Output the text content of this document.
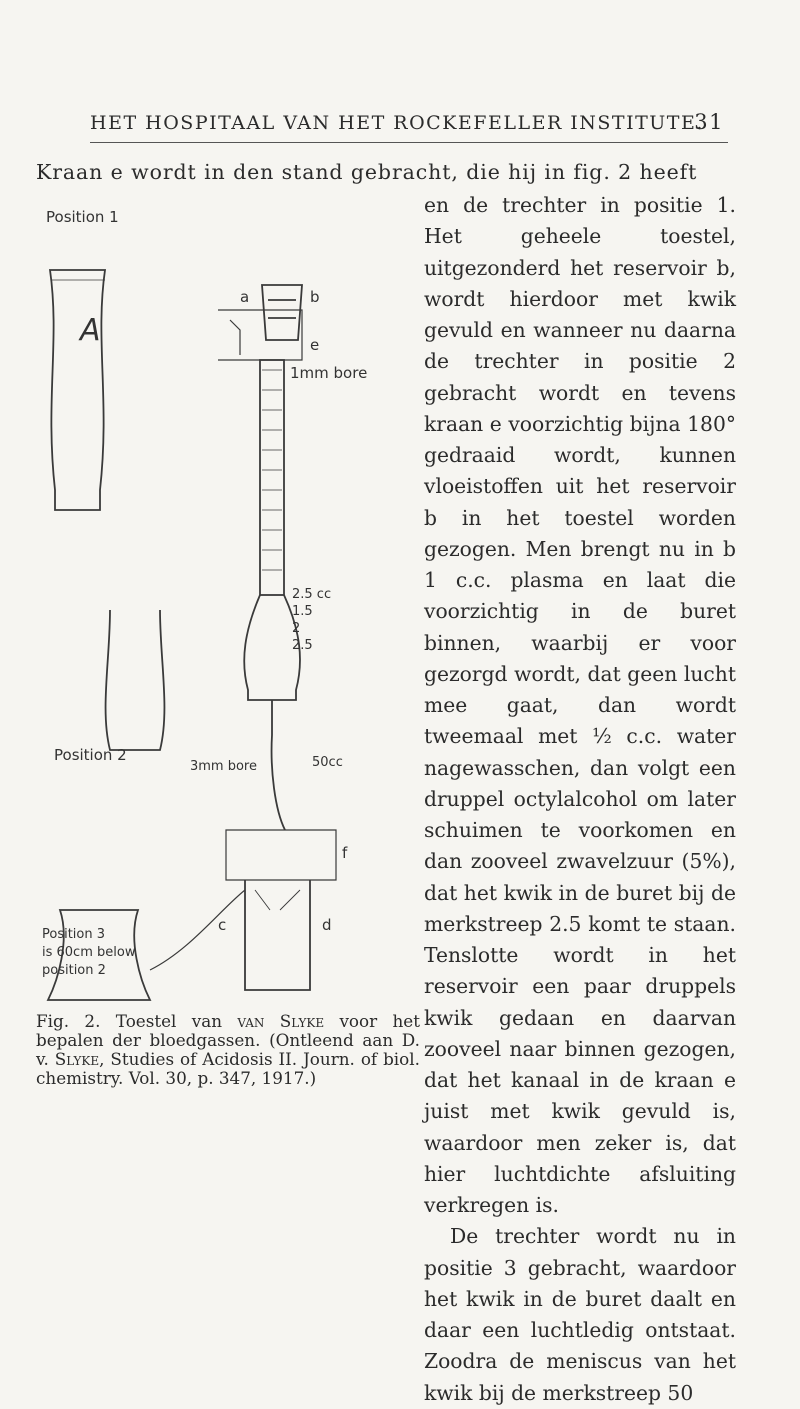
HET HOSPITAAL VAN HET ROCKEFELLER INSTITUTE.
31
Kraan e wordt in den stand gebracht, die hij in fig. 2 heeft

en de trechter in positie 1. Het geheele toestel, uitgezonderd het reservoir b, wordt hierdoor met kwik gevuld en wanneer nu daarna de trechter in positie 2 gebracht wordt en tevens kraan e voorzichtig bijna 180° gedraaid wordt, kunnen vloeistoffen uit het reservoir b in het toestel worden gezogen. Men brengt nu in b 1 c.c. plasma en laat die voorzichtig in de buret binnen, waarbij er voor gezorgd wordt, dat geen lucht mee gaat, dan wordt tweemaal met ½ c.c. water nagewasschen, dan volgt een druppel octylalcohol om later schuimen te voorkomen en dan zooveel zwavelzuur (5%), dat het kwik in de buret bij de merkstreep 2.5 komt te staan. Tenslotte wordt in het reservoir een paar druppels kwik gedaan en daarvan zooveel naar binnen gezogen, dat het kanaal in de kraan e juist met kwik gevuld is, waardoor men zeker is, dat hier luchtdichte afsluiting verkregen is.

De trechter wordt nu in positie 3 gebracht, waardoor het kwik in de buret daalt en daar een luchtledig ontstaat. Zoodra de meniscus van het kwik bij de merkstreep 50

Position 1
a	b
e
A
1mm bore
2.5 cc
1.5
2
2.5
Position 2
3mm bore	50cc
f
c	d
Position 3
is 60cm below
position 2

Fig. 2. Toestel van van Slyke voor het bepalen der bloedgassen. (Ontleend aan D. v. Slyke, Studies of Acidosis II. Journ. of biol. chemistry. Vol. 30, p. 347, 1917.)
